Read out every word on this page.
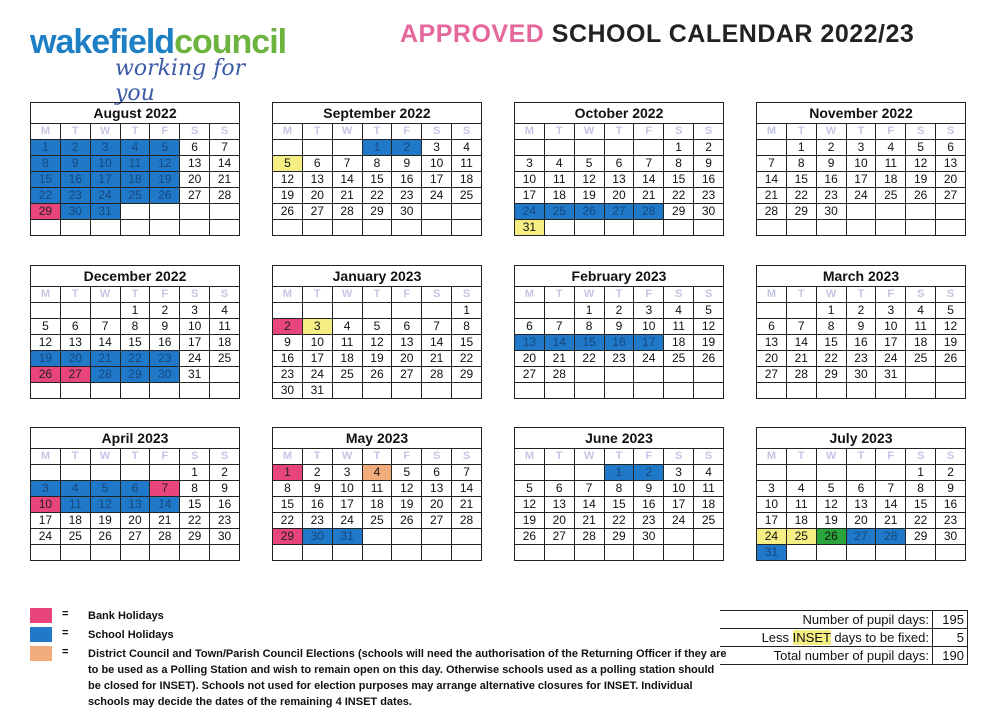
wakefieldcouncil
working for you
APPROVED SCHOOL CALENDAR 2022/23
August 2022
M	T	W	T	F	S	S
1	2	3	4	5	6	7
8	9	10	11	12	13	14
15	16	17	18	19	20	21
22	23	24	25	26	27	28
29	30	31				

September 2022
M	T	W	T	F	S	S
			1	2	3	4
5	6	7	8	9	10	11
12	13	14	15	16	17	18
19	20	21	22	23	24	25
26	27	28	29	30		

October 2022
M	T	W	T	F	S	S
					1	2
3	4	5	6	7	8	9
10	11	12	13	14	15	16
17	18	19	20	21	22	23
24	25	26	27	28	29	30
31						
November 2022
M	T	W	T	F	S	S
	1	2	3	4	5	6
7	8	9	10	11	12	13
14	15	16	17	18	19	20
21	22	23	24	25	26	27
28	29	30				

December 2022
M	T	W	T	F	S	S
			1	2	3	4
5	6	7	8	9	10	11
12	13	14	15	16	17	18
19	20	21	22	23	24	25
26	27	28	29	30	31	

January 2023
M	T	W	T	F	S	S
						1
2	3	4	5	6	7	8
9	10	11	12	13	14	15
16	17	18	19	20	21	22
23	24	25	26	27	28	29
30	31					
February 2023
M	T	W	T	F	S	S
		1	2	3	4	5
6	7	8	9	10	11	12
13	14	15	16	17	18	19
20	21	22	23	24	25	26
27	28					

March 2023
M	T	W	T	F	S	S
		1	2	3	4	5
6	7	8	9	10	11	12
13	14	15	16	17	18	19
20	21	22	23	24	25	26
27	28	29	30	31		

April 2023
M	T	W	T	F	S	S
					1	2
3	4	5	6	7	8	9
10	11	12	13	14	15	16
17	18	19	20	21	22	23
24	25	26	27	28	29	30

May 2023
M	T	W	T	F	S	S
1	2	3	4	5	6	7
8	9	10	11	12	13	14
15	16	17	18	19	20	21
22	23	24	25	26	27	28
29	30	31				

June 2023
M	T	W	T	F	S	S
			1	2	3	4
5	6	7	8	9	10	11
12	13	14	15	16	17	18
19	20	21	22	23	24	25
26	27	28	29	30		

July 2023
M	T	W	T	F	S	S
					1	2
3	4	5	6	7	8	9
10	11	12	13	14	15	16
17	18	19	20	21	22	23
24	25	26	27	28	29	30
31						
= Bank Holidays
= School Holidays
= District Council and Town/Parish Council Elections (schools will need the authorisation of the Returning Officer if they are to be used as a Polling Station and wish to remain open on this day. Otherwise schools used as a polling station should be closed for INSET). Schools not used for election purposes may arrange alternative closures for INSET. Individual schools may decide the dates of the remaining 4 INSET dates.
Number of pupil days:	195
Less INSET days to be fixed:	5
Total number of pupil days:	190
